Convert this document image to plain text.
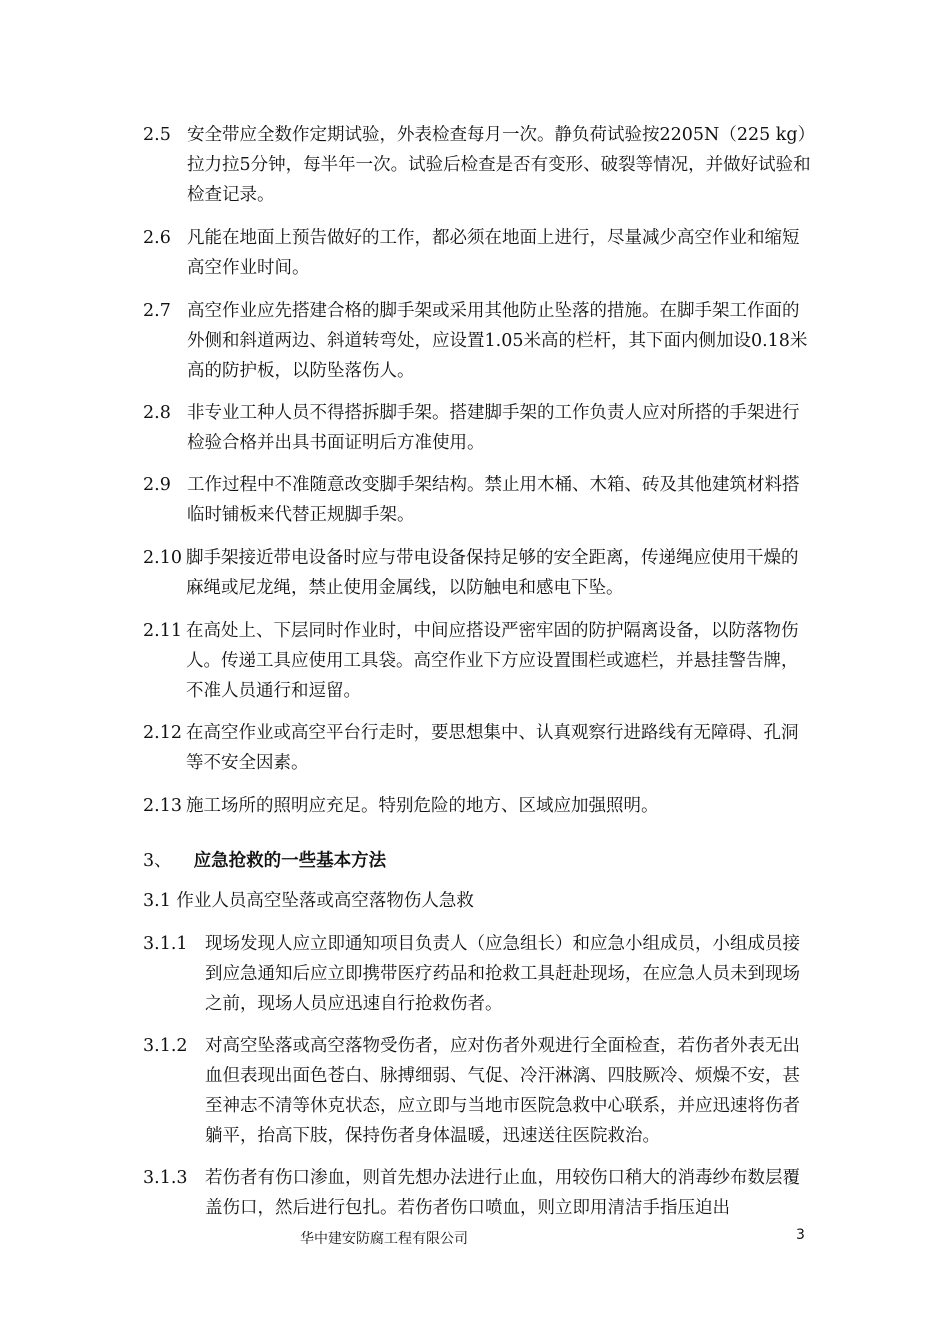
2.5 安全带应全数作定期试验，外表检查每月一次。静负荷试验按2205N（225 kg）拉力拉5分钟，每半年一次。试验后检查是否有变形、破裂等情况，并做好试验和检查记录。
2.6 凡能在地面上预告做好的工作，都必须在地面上进行，尽量减少高空作业和缩短高空作业时间。
2.7 高空作业应先搭建合格的脚手架或采用其他防止坠落的措施。在脚手架工作面的外侧和斜道两边、斜道转弯处，应设置1.05米高的栏杆，其下面内侧加设0.18米高的防护板，以防坠落伤人。
2.8 非专业工种人员不得搭拆脚手架。搭建脚手架的工作负责人应对所搭的手架进行检验合格并出具书面证明后方准使用。
2.9 工作过程中不准随意改变脚手架结构。禁止用木桶、木箱、砖及其他建筑材料搭临时铺板来代替正规脚手架。
2.10 脚手架接近带电设备时应与带电设备保持足够的安全距离，传递绳应使用干燥的麻绳或尼龙绳，禁止使用金属线，以防触电和感电下坠。
2.11 在高处上、下层同时作业时，中间应搭设严密牢固的防护隔离设备，以防落物伤人。传递工具应使用工具袋。高空作业下方应设置围栏或遮栏，并悬挂警告牌，不准人员通行和逗留。
2.12 在高空作业或高空平台行走时，要思想集中、认真观察行进路线有无障碍、孔洞等不安全因素。
2.13 施工场所的照明应充足。特别危险的地方、区域应加强照明。
3、 应急抢救的一些基本方法
3.1 作业人员高空坠落或高空落物伤人急救
3.1.1 现场发现人应立即通知项目负责人（应急组长）和应急小组成员，小组成员接到应急通知后应立即携带医疗药品和抢救工具赶赴现场，在应急人员未到现场之前，现场人员应迅速自行抢救伤者。
3.1.2 对高空坠落或高空落物受伤者，应对伤者外观进行全面检查，若伤者外表无出血但表现出面色苍白、脉搏细弱、气促、冷汗淋漓、四肢厥冷、烦燥不安，甚至神志不清等休克状态，应立即与当地市医院急救中心联系，并应迅速将伤者躺平，抬高下肢，保持伤者身体温暖，迅速送往医院救治。
3.1.3 若伤者有伤口渗血，则首先想办法进行止血，用较伤口稍大的消毒纱布数层覆盖伤口，然后进行包扎。若伤者伤口喷血，则立即用清洁手指压迫出
华中建安防腐工程有限公司	3
